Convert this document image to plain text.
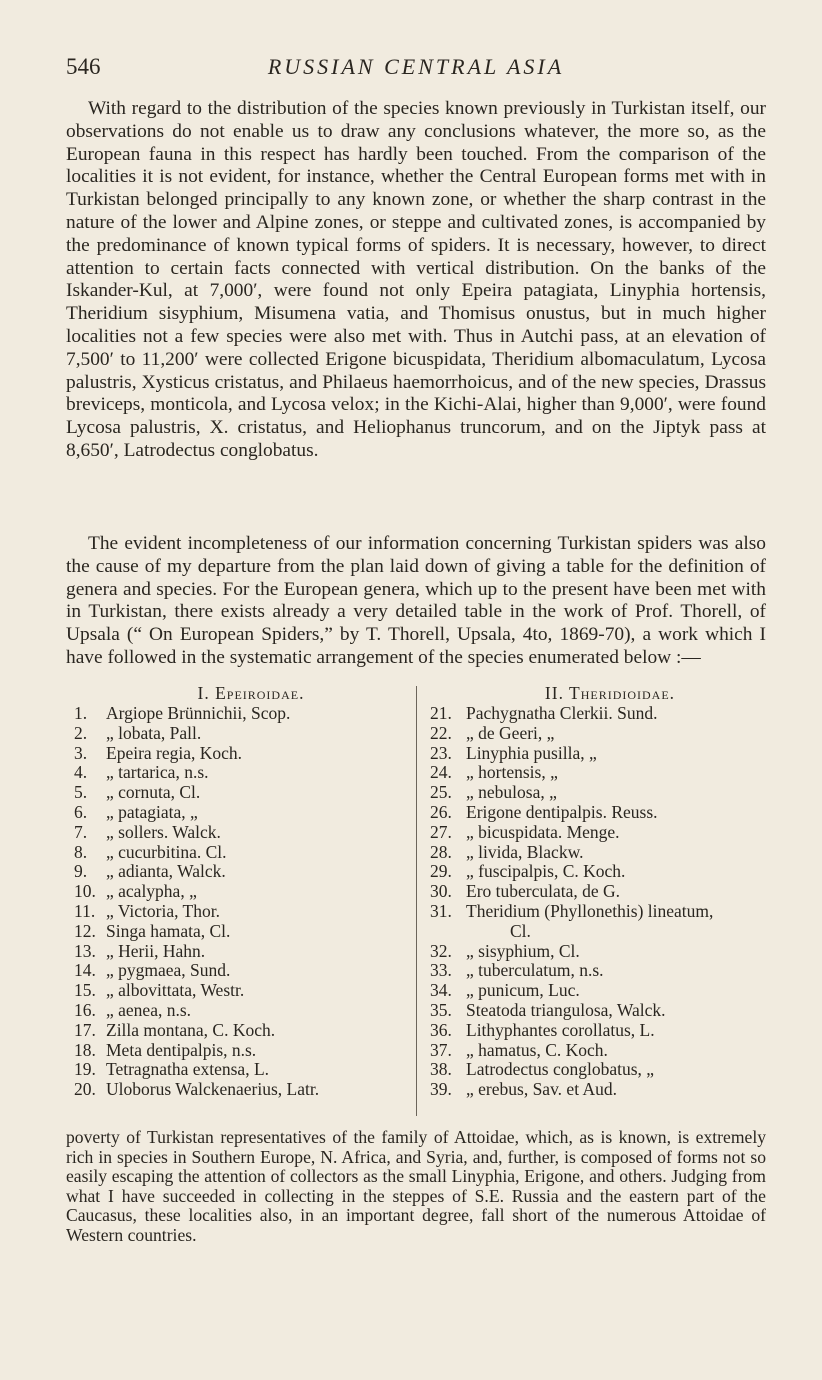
546	RUSSIAN CENTRAL ASIA

With regard to the distribution of the species known previously in Turkistan itself, our observations do not enable us to draw any conclusions whatever, the more so, as the European fauna in this respect has hardly been touched. From the comparison of the localities it is not evident, for instance, whether the Central European forms met with in Turkistan belonged principally to any known zone, or whether the sharp contrast in the nature of the lower and Alpine zones, or steppe and cultivated zones, is accompanied by the predominance of known typical forms of spiders. It is necessary, however, to direct attention to certain facts connected with vertical distribution. On the banks of the Iskander-Kul, at 7,000′, were found not only Epeira patagiata, Linyphia hortensis, Theridium sisyphium, Misumena vatia, and Thomisus onustus, but in much higher localities not a few species were also met with. Thus in Autchi pass, at an elevation of 7,500′ to 11,200′ were collected Erigone bicuspidata, Theridium albomaculatum, Lycosa palustris, Xysticus cristatus, and Philaeus haemorrhoicus, and of the new species, Drassus breviceps, monticola, and Lycosa velox; in the Kichi-Alai, higher than 9,000′, were found Lycosa palustris, X. cristatus, and Heliophanus truncorum, and on the Jiptyk pass at 8,650′, Latrodectus conglobatus.

The evident incompleteness of our information concerning Turkistan spiders was also the cause of my departure from the plan laid down of giving a table for the definition of genera and species. For the European genera, which up to the present have been met with in Turkistan, there exists already a very detailed table in the work of Prof. Thorell, of Upsala (“ On European Spiders,” by T. Thorell, Upsala, 4to, 1869-70), a work which I have followed in the systematic arrangement of the species enumerated below :—

I. Epeiroidae.
1.	Argiope Brünnichii, Scop.
2.	„ lobata, Pall.
3.	Epeira regia, Koch.
4.	„ tartarica, n.s.
5.	„ cornuta, Cl.
6.	„ patagiata, „
7.	„ sollers. Walck.
8.	„ cucurbitina. Cl.
9.	„ adianta, Walck.
10. „ acalypha, „
11. „ Victoria, Thor.
12. Singa hamata, Cl.
13. „ Herii, Hahn.
14. „ pygmaea, Sund.
15. „ albovittata, Westr.
16. „ aenea, n.s.
17. Zilla montana, C. Koch.
18. Meta dentipalpis, n.s.
19. Tetragnatha extensa, L.
20. Uloborus Walckenaerius, Latr.
II. Theridioidae.
21. Pachygnatha Clerkii. Sund.
22. „ de Geeri, „
23. Linyphia pusilla, „
24. „ hortensis, „
25. „ nebulosa, „
26. Erigone dentipalpis. Reuss.
27. „ bicuspidata. Menge.
28. „ livida, Blackw.
29. „ fuscipalpis, C. Koch.
30. Ero tuberculata, de G.
31. Theridium (Phyllonethis) lineatum,
Cl.
32. „ sisyphium, Cl.
33. „ tuberculatum, n.s.
34. „ punicum, Luc.
35. Steatoda triangulosa, Walck.
36. Lithyphantes corollatus, L.
37. „ hamatus, C. Koch.
38. Latrodectus conglobatus, „
39. „ erebus, Sav. et Aud.

poverty of Turkistan representatives of the family of Attoidae, which, as is known, is extremely rich in species in Southern Europe, N. Africa, and Syria, and, further, is composed of forms not so easily escaping the attention of collectors as the small Linyphia, Erigone, and others. Judging from what I have succeeded in collecting in the steppes of S.E. Russia and the eastern part of the Caucasus, these localities also, in an important degree, fall short of the numerous Attoidae of Western countries.
